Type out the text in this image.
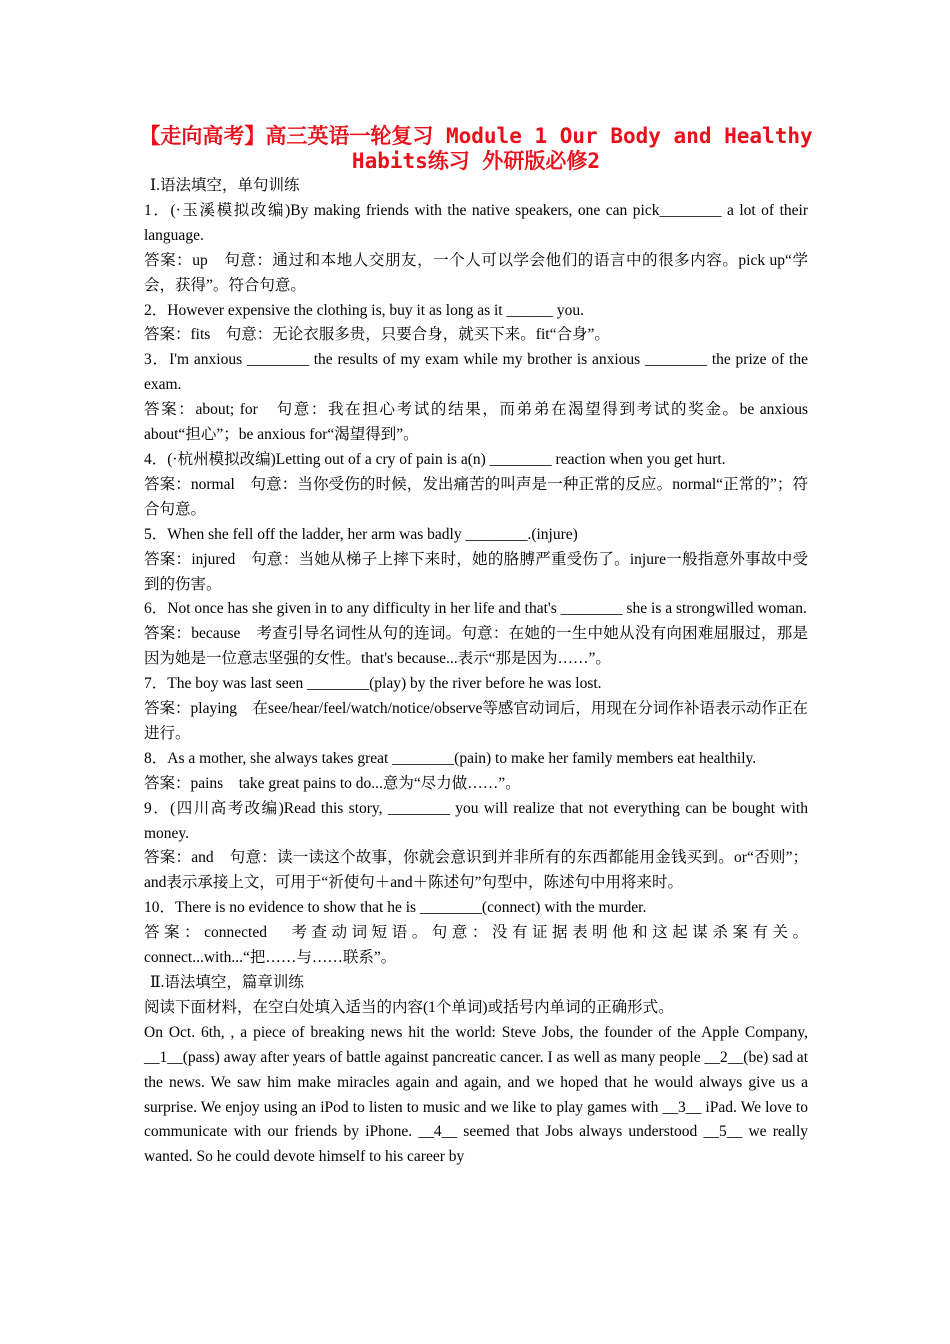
【走向高考】高三英语一轮复习 Module 1 Our Body and Healthy
Habits练习 外研版必修2

Ⅰ.语法填空，单句训练

1．(·玉溪模拟改编)By making friends with the native speakers, one can pick________ a lot of their language.

答案：up　句意：通过和本地人交朋友，一个人可以学会他们的语言中的很多内容。pick up“学会，获得”。符合句意。

2．However expensive the clothing is, buy it as long as it ______ you.

答案：fits　句意：无论衣服多贵，只要合身，就买下来。fit“合身”。

3．I'm anxious ________ the results of my exam while my brother is anxious ________ the prize of the exam.

答案：about; for　句意：我在担心考试的结果，而弟弟在渴望得到考试的奖金。be anxious about“担心”；be anxious for“渴望得到”。

4．(·杭州模拟改编)Letting out of a cry of pain is a(n) ________ reaction when you get hurt.

答案：normal　句意：当你受伤的时候，发出痛苦的叫声是一种正常的反应。normal“正常的”；符合句意。

5．When she fell off the ladder, her arm was badly ________.(injure)

答案：injured　句意：当她从梯子上摔下来时，她的胳膊严重受伤了。injure一般指意外事故中受到的伤害。

6．Not once has she given in to any difficulty in her life and that's ________ she is a strongwilled woman.

答案：because　考查引导名词性从句的连词。句意：在她的一生中她从没有向困难屈服过，那是因为她是一位意志坚强的女性。that's because...表示“那是因为……”。

7．The boy was last seen ________(play) by the river before he was lost.

答案：playing　在see/hear/feel/watch/notice/observe等感官动词后，用现在分词作补语表示动作正在进行。

8．As a mother, she always takes great ________(pain) to make her family members eat healthily.

答案：pains　take great pains to do...意为“尽力做……”。

9．(四川高考改编)Read this story, ________ you will realize that not everything can be bought with money.

答案：and　句意：读一读这个故事，你就会意识到并非所有的东西都能用金钱买到。or“否则”；and表示承接上文，可用于“祈使句＋and＋陈述句”句型中，陈述句中用将来时。

10．There is no evidence to show that he is ________(connect) with the murder.

答案：connected　考查动词短语。句意：没有证据表明他和这起谋杀案有关。connect...with...“把……与……联系”。

Ⅱ.语法填空，篇章训练

阅读下面材料，在空白处填入适当的内容(1个单词)或括号内单词的正确形式。

On Oct. 6th, , a piece of breaking news hit the world: Steve Jobs, the founder of the Apple Company, __1__(pass) away after years of battle against pancreatic cancer. I as well as many people __2__(be) sad at the news. We saw him make miracles again and again, and we hoped that he would always give us a surprise. We enjoy using an iPod to listen to music and we like to play games with __3__ iPad. We love to communicate with our friends by iPhone. __4__ seemed that Jobs always understood __5__ we really wanted. So he could devote himself to his career by
